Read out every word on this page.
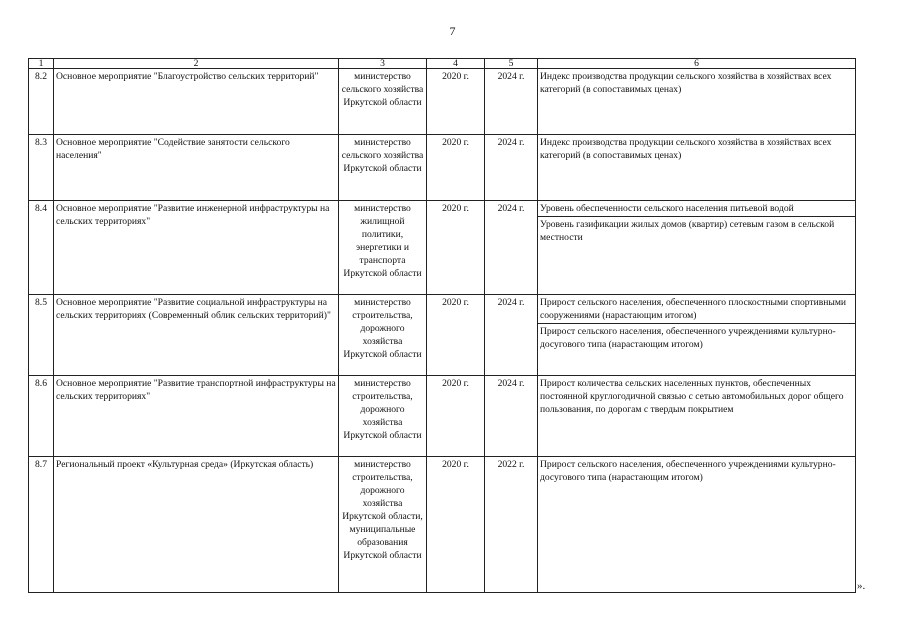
7
1	2	3	4	5	6
8.2	Основное мероприятие "Благоустройство сельских территорий"	министерство сельского хозяйства Иркутской области	2020 г.	2024 г.	Индекс производства продукции сельского хозяйства в хозяйствах всех категорий (в сопоставимых ценах)

8.3	Основное мероприятие "Содействие занятости сельского населения"	министерство сельского хозяйства Иркутской области	2020 г.	2024 г.	Индекс производства продукции сельского хозяйства в хозяйствах всех категорий (в сопоставимых ценах)

8.4	Основное мероприятие "Развитие инженерной инфраструктуры на сельских территориях"	министерство жилищной политики, энергетики и транспорта Иркутской области	2020 г.	2024 г.	Уровень обеспеченности сельского населения питьевой водой
Уровень газификации жилых домов (квартир) сетевым газом в сельской местности

8.5	Основное мероприятие "Развитие социальной инфраструктуры на сельских территориях (Современный облик сельских территорий)"	министерство строительства, дорожного хозяйства Иркутской области	2020 г.	2024 г.	Прирост сельского населения, обеспеченного плоскостными спортивными сооружениями (нарастающим итогом)
Прирост сельского населения, обеспеченного учреждениями культурно-досугового типа (нарастающим итогом)

8.6	Основное мероприятие "Развитие транспортной инфраструктуры на сельских территориях"	министерство строительства, дорожного хозяйства Иркутской области	2020 г.	2024 г.	Прирост количества сельских населенных пунктов, обеспеченных постоянной круглогодичной связью с сетью автомобильных дорог общего пользования, по дорогам с твердым покрытием

8.7	Региональный проект «Культурная среда» (Иркутская область)	министерство строительства, дорожного хозяйства Иркутской области, муниципальные образования Иркутской области	2020 г.	2022 г.	Прирост сельского населения, обеспеченного учреждениями культурно-досугового типа (нарастающим итогом)
».
